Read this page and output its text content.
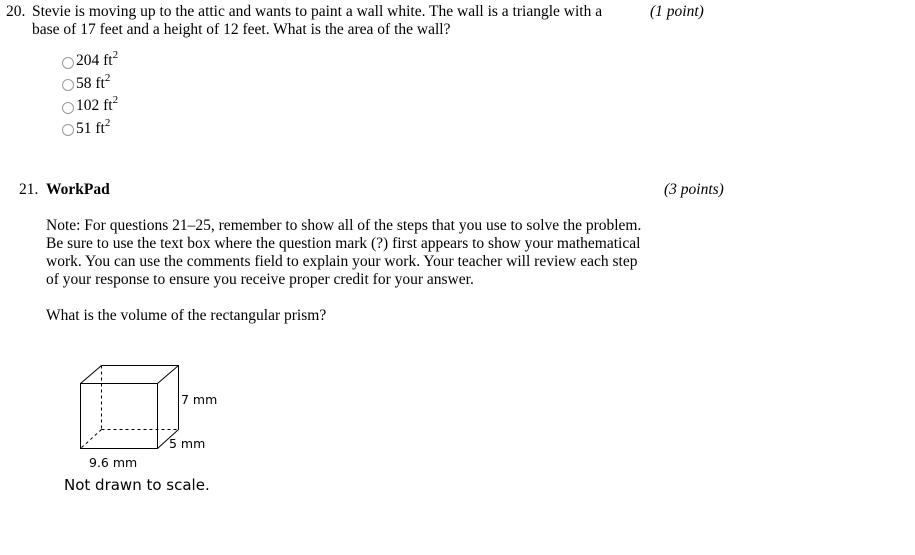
20. Stevie is moving up to the attic and wants to paint a wall white. The wall is a triangle with a base of 17 feet and a height of 12 feet. What is the area of the wall?
(1 point)
204 $ft^2$
58 $ft^2$
102 $ft^2$
51 $ft^2$
21. WorkPad	(3 points)
Note: For questions 21–25, remember to show all of the steps that you use to solve the problem. Be sure to use the text box where the question mark (?) first appears to show your mathematical work. You can use the comments field to explain your work. Your teacher will review each step of your response to ensure you receive proper credit for your answer.
What is the volume of the rectangular prism?
7 mm
5 mm
9.6 mm
Not drawn to scale.
